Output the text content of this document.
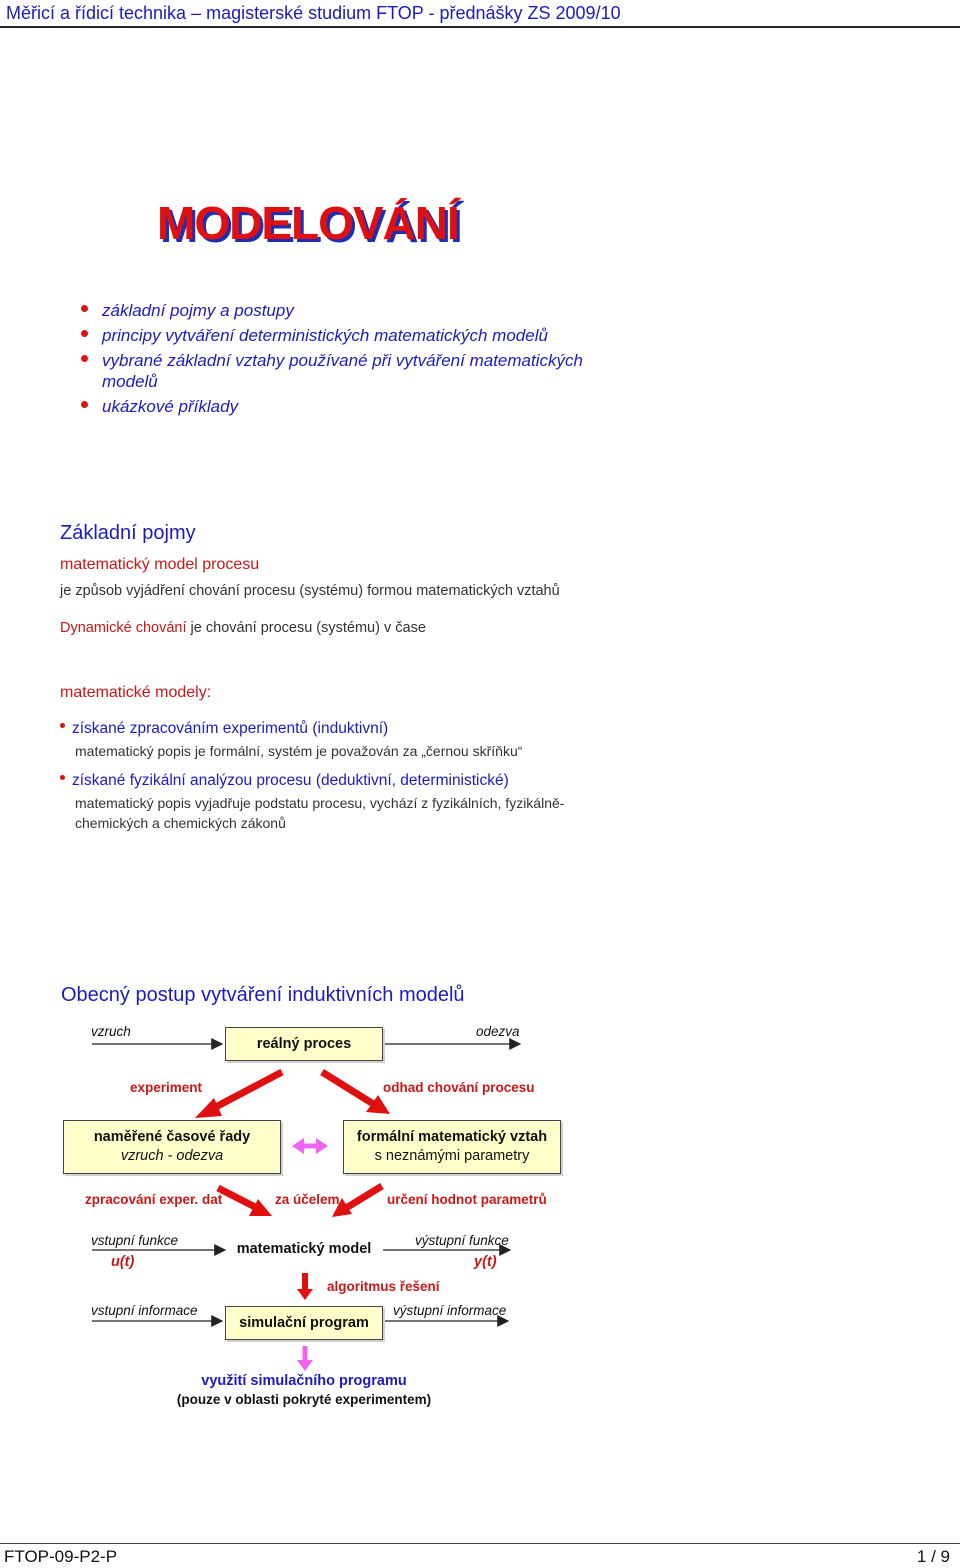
Měřicí a řídicí technika – magisterské studium FTOP - přednášky ZS 2009/10
MODELOVÁNÍ
základní pojmy a postupy
principy vytváření deterministických matematických modelů
vybrané základní vztahy používané při vytváření matematických modelů
ukázkové příklady
Základní pojmy
matematický model procesu
je způsob vyjádření chování procesu (systému) formou matematických vztahů
Dynamické chování je chování procesu (systému) v čase
matematické modely:
získané zpracováním experimentů (induktivní)
matematický popis je formální, systém je považován za „černou skříňku“
získané fyzikální analýzou procesu (deduktivní, deterministické)
matematický popis vyjadřuje podstatu procesu, vychází z fyzikálních, fyzikálně-chemických a chemických zákonů
Obecný postup vytváření induktivních modelů
vzruch	odezva
reálný proces
experiment	odhad chování procesu
naměřené časové řady
vzruch - odezva
formální matematický vztah
s neznámými parametry
zpracování exper. dat	za účelem	určení hodnot parametrů
vstupní funkce
u(t)
matematický model	výstupní funkce
y(t)
algoritmus řešení
vstupní informace
simulační program
výstupní informace
využití simulačního programu
(pouze v oblasti pokryté experimentem)
FTOP-09-P2-P	1 / 9
